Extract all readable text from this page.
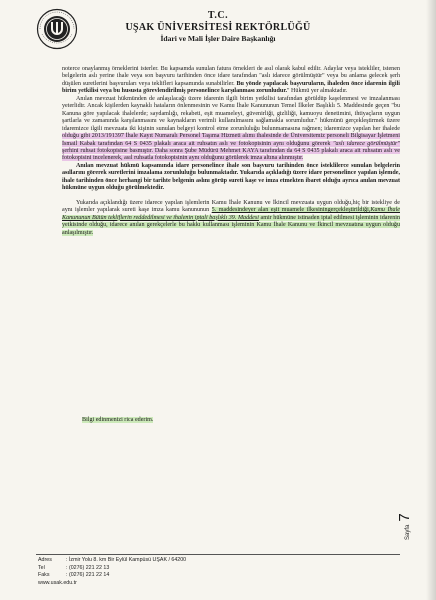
T.C.
UŞAK ÜNİVERSİTESİ REKTÖRLÜĞÜ
İdari ve Mali İşler Daire Başkanlığı

noterce onaylanmış örneklerini isterler. Bu kapsamda sunulan fatura örnekleri de asıl olarak kabul edilir. Adaylar veya istekliler, istenen belgelerin aslı yerine ihale veya son başvuru tarihinden önce idare tarafından "aslı idarece görülmüştür" veya bu anlama gelecek şerh düşülen suretlerini başvuruları veya teklifleri kapsamında sunabilirler. Bu yönde yapılacak başvuruların, ihaleden önce idarenin ilgili birim yetkilisi veya bu hususta görevlendirilmiş personelince karşılanması zorunludur." Hükmü yer almaktadır.

Anılan mevzuat hükmünden de anlaşılacağı üzere idarenin ilgili birim yetkilisi tarafından görüldüp kaşelenmesi ve imzalanması yeterlidir. Ancak kişilerden kaynaklı hataların önlenmesinin ve Kamu İhale Kanununun Temel İlkeler Başlıklı 5. Maddesinde geçen "bu Kanuna göre yapılacak ihalelerde; saydamlığı, rekabeti, eşit muameleyi, güvenirliği, gizliliği, kamuoyu denetimini, ihtiyaçların uygun şartlarla ve zamanında karşılanmasını ve kaynakların verimli kullanılmasını sağlamakla sorumludur." hükmünü gerçekleştirmek üzere idaremizce ilgili mevzuata iki kişinin sunulan belgeyi kontrol etme zorunluluğu bulunmamasına rağmen; idaremizce yapılan her ihalede olduğu gibi 2013/191397 İhale Kayıt Numaralı Personel Taşıma Hizmeti alımı ihalesinde de Üniversitemiz personeli Bilgisayar İşletmeni İsmail Kabak tarafından 64 S 0435 plakalı araca ait ruhsatın aslı ve fotokopisinin aynı olduğunu görerek "aslı idarece görülmüştür" şerhini ruhsat fotokopisine basmıştır. Daha sonra Şube Müdürü Mehmet KAYA tarafından da 64 S 0435 plakalı araca ait ruhsatın aslı ve fotokopisini incelenerek, asıl ruhsatla fotokopisinin aynı olduğunu görülerek imza altına alınmıştır.

Anılan mevzuat hükmü kapsamında idare personelince ihale son başvuru tarihinden önce isteklilerce sunulan belgelerin asıllarını görerek suretlerini imzalama zorunluluğu bulunmaktadır. Yukarıda açıkladığı üzere idare personelince yapılan işlemde, ihale tarihinden önce herhangi bir tarihte belgenin aslını görüp sureti kaşe ve imza etmekten ibaret olduğu ayrıca anılan mevzuat hükmüne uygun olduğu görülmektedir.

Yukarıda açıklandığı üzere idarece yapılan işlemlerin Kamu İhale Kanunu ve İkincil mevzuata uygun olduğu,hiç bir istekliye de aynı işlemler yapılarak sureti kaşe imza kamu kanununun 5. maddesindeyer alan eşit muamele ilkesiningerçekleştirildiği,Kamu İhale Kanununun Bütün tekliflerin reddedilmesi ve ihalenin iptali başlıklı 39. Maddesi amir hükmüne istinaden iptal edilmesi işleminin idarenin yetkisinde olduğu, idarece anılan gerekçelerle bu hakkı kullanması işleminin Kamu İhale Kanunu ve İkincil mevzuatına uygun olduğu anlaşılmıştır.

Bilgi edinmenizi rica ederim.
Sayfa7
Adres	: İzmir Yolu 8. km Bir Eylül Kampüsü UŞAK / 64200
Tel	: (0276) 221 22 13
Faks	: (0276) 221 22 14
www.usak.edu.tr
